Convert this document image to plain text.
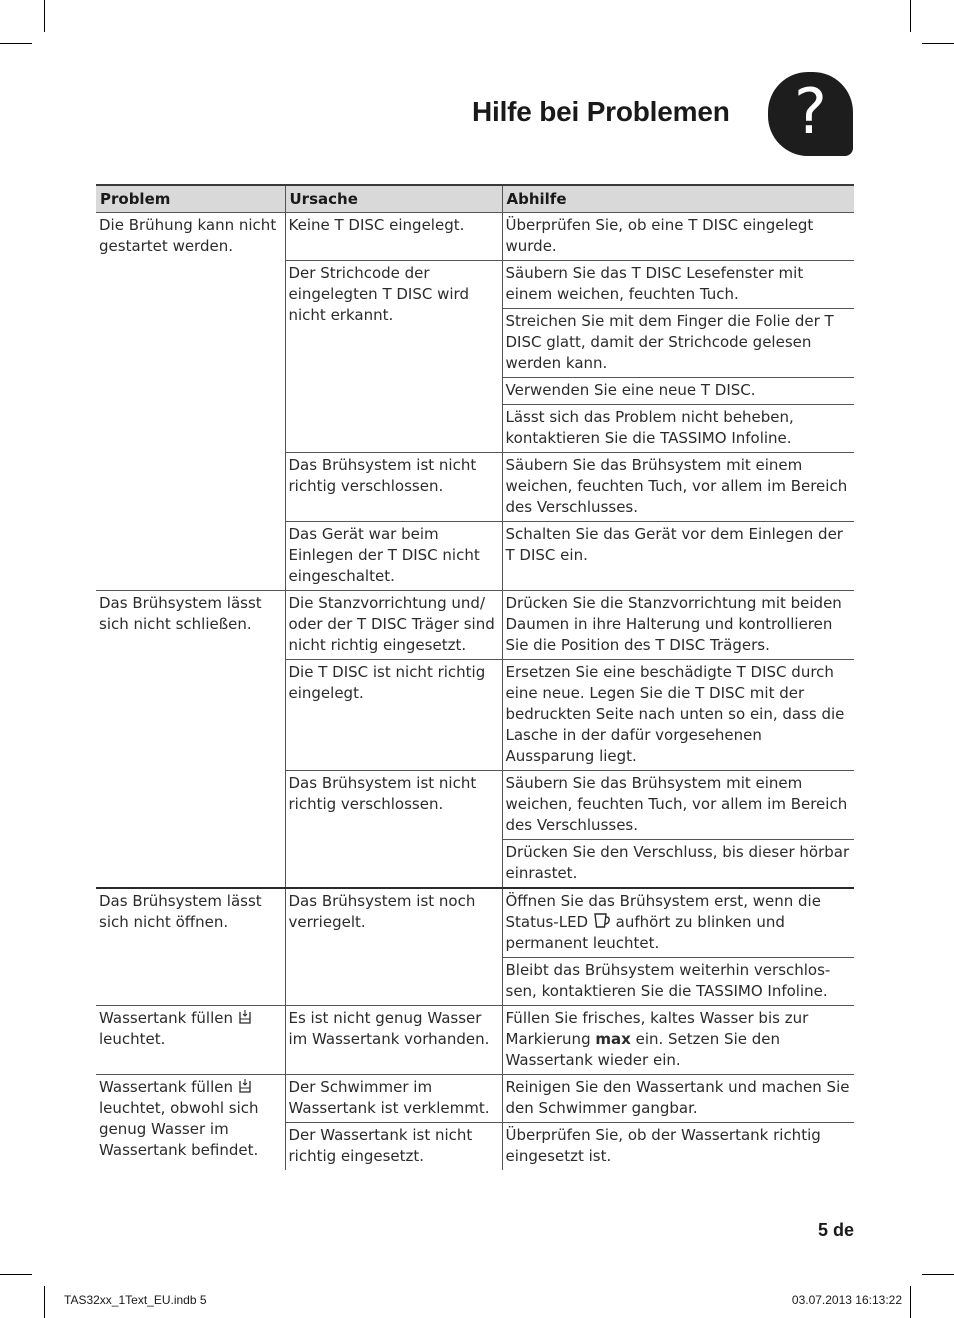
Hilfe bei Problemen ?
Problem	Ursache	Abhilfe
Die Brühung kann nicht gestartet werden.	Keine T DISC eingelegt.	Überprüfen Sie, ob eine T DISC eingelegt wurde.
	Der Strichcode der eingelegten T DISC wird nicht erkannt.	Säubern Sie das T DISC Lesefenster mit einem weichen, feuchten Tuch.
		Streichen Sie mit dem Finger die Folie der T DISC glatt, damit der Strichcode gelesen werden kann.
		Verwenden Sie eine neue T DISC.
		Lässt sich das Problem nicht beheben, kontaktieren Sie die TASSIMO Infoline.
	Das Brühsystem ist nicht richtig verschlossen.	Säubern Sie das Brühsystem mit einem weichen, feuchten Tuch, vor allem im Bereich des Verschlusses.
	Das Gerät war beim Einlegen der T DISC nicht eingeschaltet.	Schalten Sie das Gerät vor dem Einlegen der T DISC ein.
Das Brühsystem lässt sich nicht schließen.	Die Stanzvorrichtung und/ oder der T DISC Träger sind nicht richtig eingesetzt.	Drücken Sie die Stanzvorrichtung mit beiden Daumen in ihre Halterung und kontrollieren Sie die Position des T DISC Trägers.
	Die T DISC ist nicht richtig eingelegt.	Ersetzen Sie eine beschädigte T DISC durch eine neue. Legen Sie die T DISC mit der bedruckten Seite nach unten so ein, dass die Lasche in der dafür vorgesehenen Aussparung liegt.
	Das Brühsystem ist nicht richtig verschlossen.	Säubern Sie das Brühsystem mit einem weichen, feuchten Tuch, vor allem im Bereich des Verschlusses.
		Drücken Sie den Verschluss, bis dieser hörbar einrastet.
Das Brühsystem lässt sich nicht öffnen.	Das Brühsystem ist noch verriegelt.	Öffnen Sie das Brühsystem erst, wenn die Status-LED aufhört zu blinken und permanent leuchtet.
		Bleibt das Brühsystem weiterhin verschlos-sen, kontaktieren Sie die TASSIMO Infoline.
Wassertank füllen  leuchtet.	Es ist nicht genug Wasser im Wassertank vorhanden.	Füllen Sie frisches, kaltes Wasser bis zur Markierung max ein. Setzen Sie den Wassertank wieder ein.
Wassertank füllen  leuchtet, obwohl sich genug Wasser im Wassertank befindet.	Der Schwimmer im Wassertank ist verklemmt.	Reinigen Sie den Wassertank und machen Sie den Schwimmer gangbar.
	Der Wassertank ist nicht richtig eingesetzt.	Überprüfen Sie, ob der Wassertank richtig eingesetzt ist.
5 de
TAS32xx_1Text_EU.indb 5	03.07.2013 16:13:22
